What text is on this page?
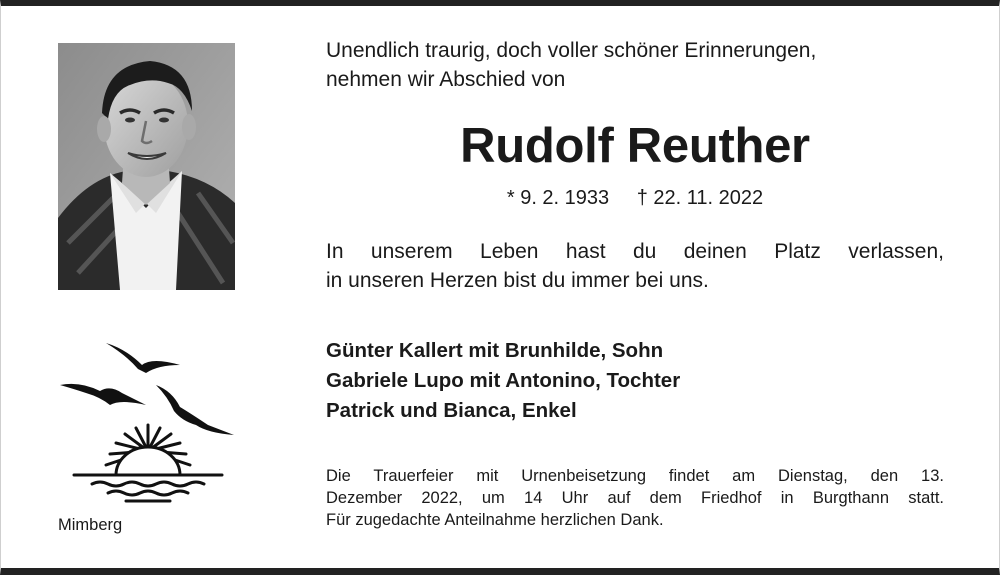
Unendlich traurig, doch voller schöner Erinnerungen,
nehmen wir Abschied von

Rudolf Reuther
* 9. 2. 1933 † 22. 11. 2022

In unserem Leben hast du deinen Platz verlassen,
in unseren Herzen bist du immer bei uns.

Günter Kallert mit Brunhilde, Sohn
Gabriele Lupo mit Antonino, Tochter
Patrick und Bianca, Enkel

Die Trauerfeier mit Urnenbeisetzung findet am Dienstag, den 13.
Dezember 2022, um 14 Uhr auf dem Friedhof in Burgthann statt.
Für zugedachte Anteilnahme herzlichen Dank.

Mimberg
